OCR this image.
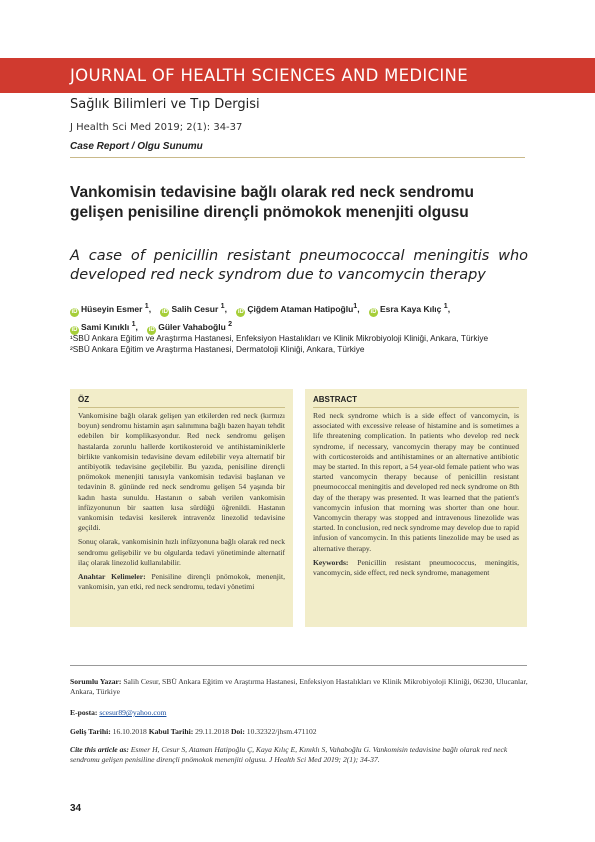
JOURNAL OF HEALTH SCIENCES AND MEDICINE
Sağlık Bilimleri ve Tıp Dergisi
J Health Sci Med 2019; 2(1): 34-37
Case Report / Olgu Sunumu
Vankomisin tedavisine bağlı olarak red neck sendromu gelişen penisiline dirençli pnömokok menenjiti olgusu
A case of penicillin resistant pneumococcal meningitis who developed red neck syndrom due to vancomycin therapy
iD Hüseyin Esmer $^1$, iD Salih Cesur $^1$, iD Çiğdem Ataman Hatipoğlu$^1$, iD Esra Kaya Kılıç $^1$, iD Sami Kınıklı $^1$, iD Güler Vahaboğlu $^2$
¹SBÜ Ankara Eğitim ve Araştırma Hastanesi, Enfeksiyon Hastalıkları ve Klinik Mikrobiyoloji Kliniği, Ankara, Türkiye
²SBÜ Ankara Eğitim ve Araştırma Hastanesi, Dermatoloji Kliniği, Ankara, Türkiye
ÖZ

Vankomisine bağlı olarak gelişen yan etkilerden red neck (kırmızı boyun) sendromu histamin aşırı salınımına bağlı bazen hayatı tehdit edebilen bir komplikasyondur. Red neck sendromu gelişen hastalarda zorunlu hallerde kortikosteroid ve antihistaminiklerle birlikte vankomisin tedavisine devam edilebilir veya alternatif bir antibiyotik tedavisine geçilebilir. Bu yazıda, penisiline dirençli pnömokok menenjiti tanısıyla vankomisin tedavisi başlanan ve tedavinin 8. gününde red neck sendromu gelişen 54 yaşında bir kadın hasta sunuldu. Hastanın o sabah verilen vankomisin infüzyonunun bir saatten kısa sürdüğü öğrenildi. Hastanın vankomisin tedavisi kesilerek intravenöz linezolid tedavisine geçildi.

Sonuç olarak, vankomisinin hızlı infüzyonuna bağlı olarak red neck sendromu gelişebilir ve bu olgularda tedavi yönetiminde alternatif ilaç olarak linezolid kullanılabilir.

Anahtar Kelimeler: Penisiline dirençli pnömokok, menenjit, vankomisin, yan etki, red neck sendromu, tedavi yönetimi

ABSTRACT

Red neck syndrome which is a side effect of vancomycin, is associated with excessive release of histamine and is sometimes a life threatening complication. In patients who develop red neck syndrome, if necessary, vancomycin therapy may be continued with corticosteroids and antihistamines or an alternative antibiotic may be started. In this report, a 54 year-old female patient who was started vancomycin therapy because of penicillin resistant pneumococcal meningitis and developed red neck syndrome on 8th day of the therapy was presented. It was learned that the patient's vancomycin infusion that morning was shorter than one hour. Vancomycin therapy was stopped and intravenous linezolide was started. In conclusion, red neck syndrome may develop due to rapid infusion of vancomycin. In this patients linezolide may be used as alternative therapy.

Keywords: Penicillin resistant pneumococcus, meningitis, vancomycin, side effect, red neck syndrome, management

Sorumlu Yazar: Salih Cesur, SBÜ Ankara Eğitim ve Araştırma Hastanesi, Enfeksiyon Hastalıkları ve Klinik Mikrobiyoloji Kliniği, 06230, Ulucanlar, Ankara, Türkiye
E-posta: scesur89@yahoo.com
Geliş Tarihi: 16.10.2018 Kabul Tarihi: 29.11.2018 Doi: 10.32322/jhsm.471102
Cite this article as: Esmer H, Cesur S, Ataman Hatipoğlu Ç, Kaya Kılıç E, Kınıklı S, Vahaboğlu G. Vankomisin tedavisine bağlı olarak red neck sendromu gelişen penisiline dirençli pnömokok menenjiti olgusu. J Health Sci Med 2019; 2(1); 34-37.
34
